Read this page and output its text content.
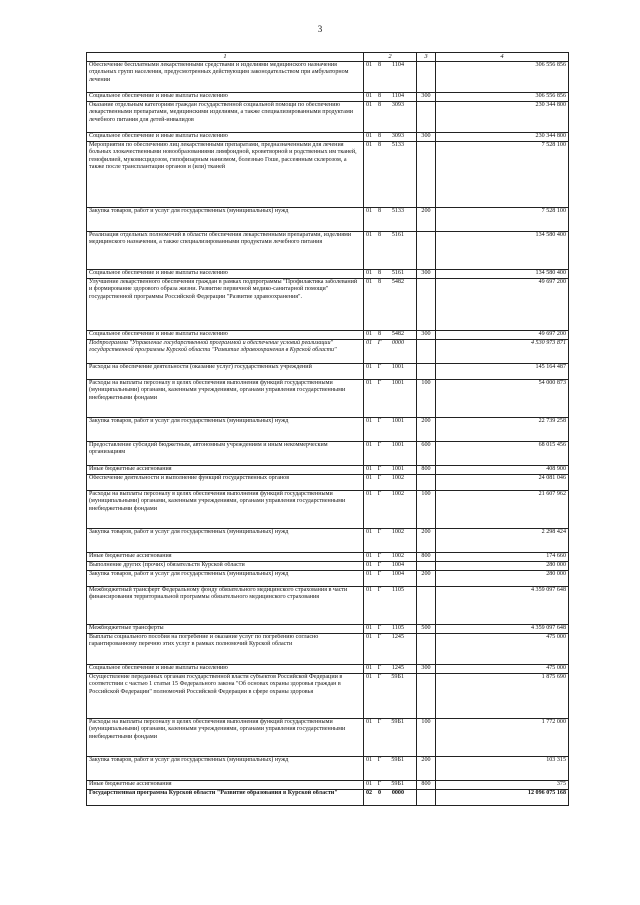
3
1	2	3	4
Обеспечение бесплатными лекарственными средствами и изделиями медицинского назначения отдельных групп населения, предусмотренных действующим законодательством при амбулаторном лечении	01 8 1104		306 556 856
Социальное обеспечение и иные выплаты населению	01 8 1104	300	306 556 856
Оказание отдельным категориям граждан государственной социальной помощи по обеспечению лекарственными препаратами, медицинскими изделиями, а также специализированными продуктами лечебного питания для детей-инвалидов	01 8 3093		230 344 800
Социальное обеспечение и иные выплаты населению	01 8 3093	300	230 344 800
Мероприятия по обеспечению лиц лекарственными препаратами, предназначенными для лечения больных злокачественными новообразованиями лимфоидной, кроветворной и родственных им тканей, гемофилией, муковисцидозом, гипофизарным нанизмом, болезнью Гоше, рассеянным склерозом, а также после трансплантации органов и (или) тканей	01 8 5133		7 528 100
Закупка товаров, работ и услуг для государственных (муниципальных) нужд	01 8 5133	200	7 528 100
Реализация отдельных полномочий в области обеспечения лекарственными препаратами, изделиями медицинского назначения, а также специализированными продуктами лечебного питания	01 8 5161		134 580 400
Социальное обеспечение и иные выплаты населению	01 8 5161	300	134 580 400
Улучшение лекарственного обеспечения граждан в рамках подпрограммы "Профилактика заболеваний и формирование здорового образа жизни. Развитие первичной медико-санитарной помощи" государственной программы Российской Федерации "Развитие здравоохранения".	01 8 5482		49 697 200
Социальное обеспечение и иные выплаты населению	01 8 5482	300	49 697 200
Подпрограмма "Управление государственной программой и обеспечение условий реализации" государственной программы Курской области "Развитие здравоохранения в Курской области"	01 Г 0000		4 530 973 871
Расходы на обеспечение деятельности (оказание услуг) государственных учреждений	01 Г 1001		145 164 487
Расходы на выплаты персоналу в целях обеспечения выполнения функций государственными (муниципальными) органами, казенными учреждениями, органами управления государственными внебюджетными фондами	01 Г 1001	100	54 000 873
Закупка товаров, работ и услуг для государственных (муниципальных) нужд	01 Г 1001	200	22 739 258
Предоставление субсидий бюджетным, автономным учреждениям и иным некоммерческим организациям	01 Г 1001	600	68 015 456
Иные бюджетные ассигнования	01 Г 1001	800	408 900
Обеспечение деятельности и выполнение функций государственных органов	01 Г 1002		24 081 046
Расходы на выплаты персоналу в целях обеспечения выполнения функций государственными (муниципальными) органами, казенными учреждениями, органами управления государственными внебюджетными фондами	01 Г 1002	100	21 607 962
Закупка товаров, работ и услуг для государственных (муниципальных) нужд	01 Г 1002	200	2 298 424
Иные бюджетные ассигнования	01 Г 1002	800	174 660
Выполнение других (прочих) обязательств Курской области	01 Г 1004		280 000
Закупка товаров, работ и услуг для государственных (муниципальных) нужд	01 Г 1004	200	280 000
Межбюджетный трансферт Федеральному фонду обязательного медицинского страхования в части финансирования территориальной программы обязательного медицинского страхования	01 Г 1105		4 359 097 648
Межбюджетные трансферты	01 Г 1105	500	4 359 097 648
Выплаты социального пособия на погребение и оказание услуг по погребению согласно гарантированному перечню этих услуг в рамках полномочий Курской области	01 Г 1245		475 000
Социальное обеспечение и иные выплаты населению	01 Г 1245	300	475 000
Осуществление переданных органам государственной власти субъектов Российской Федерации в соответствии с частью 1 статьи 15 Федерального закона "Об основах охраны здоровья граждан в Российской Федерации" полномочий Российской Федерации в сфере охраны здоровья	01 Г 59Б1		1 875 690
Расходы на выплаты персоналу в целях обеспечения выполнения функций государственными (муниципальными) органами, казенными учреждениями, органами управления государственными внебюджетными фондами	01 Г 59Б1	100	1 772 000
Закупка товаров, работ и услуг для государственных (муниципальных) нужд	01 Г 59Б1	200	103 315
Иные бюджетные ассигнования	01 Г 59Б1	800	375
Государственная программа Курской области "Развитие образования в Курской области"	02 0 0000		12 096 075 168
